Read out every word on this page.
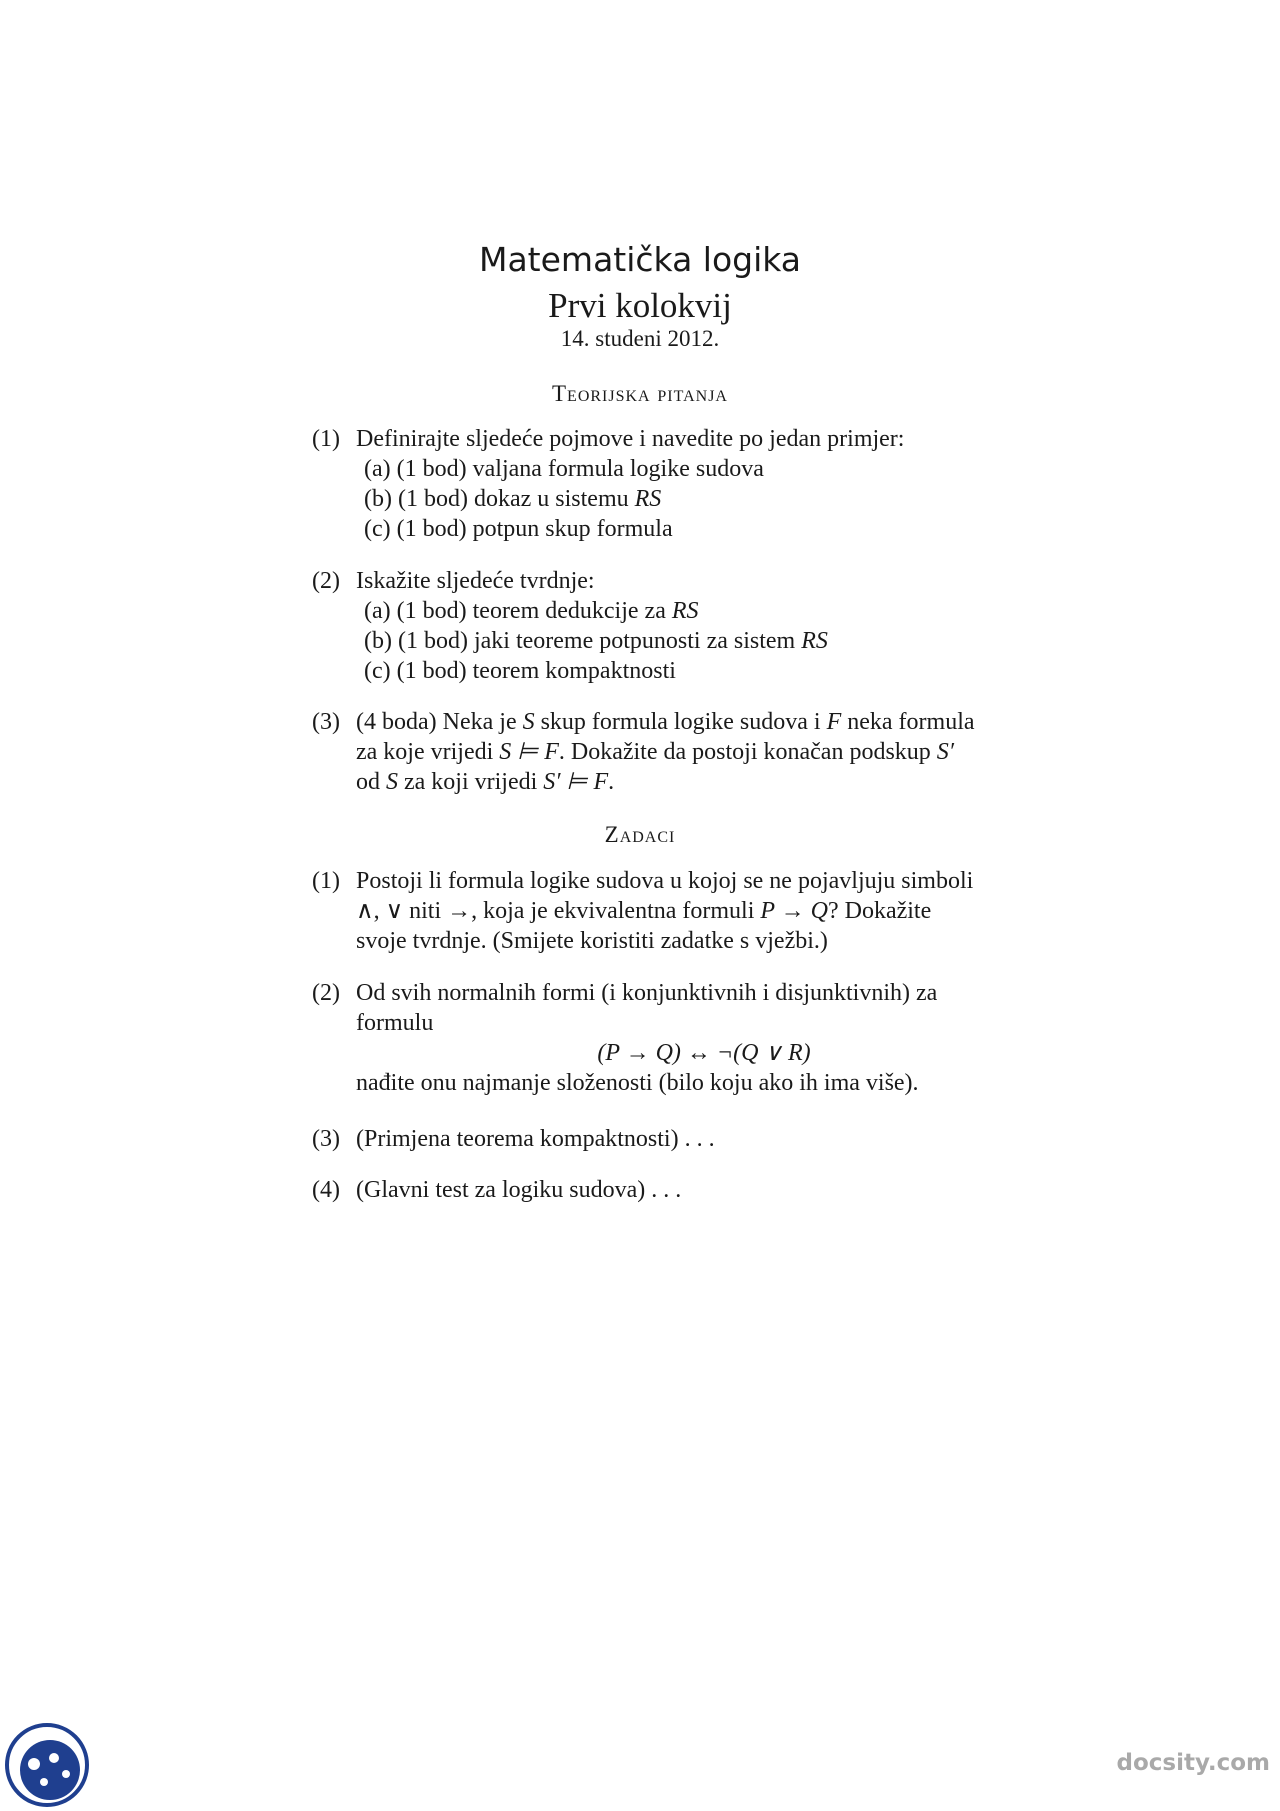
Matematička logika
Prvi kolokvij
14. studeni 2012.
Teorijska pitanja
(1) Definirajte sljedeće pojmove i navedite po jedan primjer:
(a) (1 bod) valjana formula logike sudova
(b) (1 bod) dokaz u sistemu RS
(c) (1 bod) potpun skup formula
(2) Iskažite sljedeće tvrdnje:
(a) (1 bod) teorem dedukcije za RS
(b) (1 bod) jaki teoreme potpunosti za sistem RS
(c) (1 bod) teorem kompaktnosti
(3) (4 boda) Neka je S skup formula logike sudova i F neka formula
za koje vrijedi S ⊨ F. Dokažite da postoji konačan podskup S′
od S za koji vrijedi S′ ⊨ F.
Zadaci
(1) Postoji li formula logike sudova u kojoj se ne pojavljuju simboli
∧, ∨ niti →, koja je ekvivalentna formuli P → Q? Dokažite
svoje tvrdnje. (Smijete koristiti zadatke s vježbi.)
(2) Od svih normalnih formi (i konjunktivnih i disjunktivnih) za
formulu
(P → Q) ↔ ¬(Q ∨ R)
nađite onu najmanje složenosti (bilo koju ako ih ima više).
(3) (Primjena teorema kompaktnosti) . . .
(4) (Glavni test za logiku sudova) . . .
docsity.com
